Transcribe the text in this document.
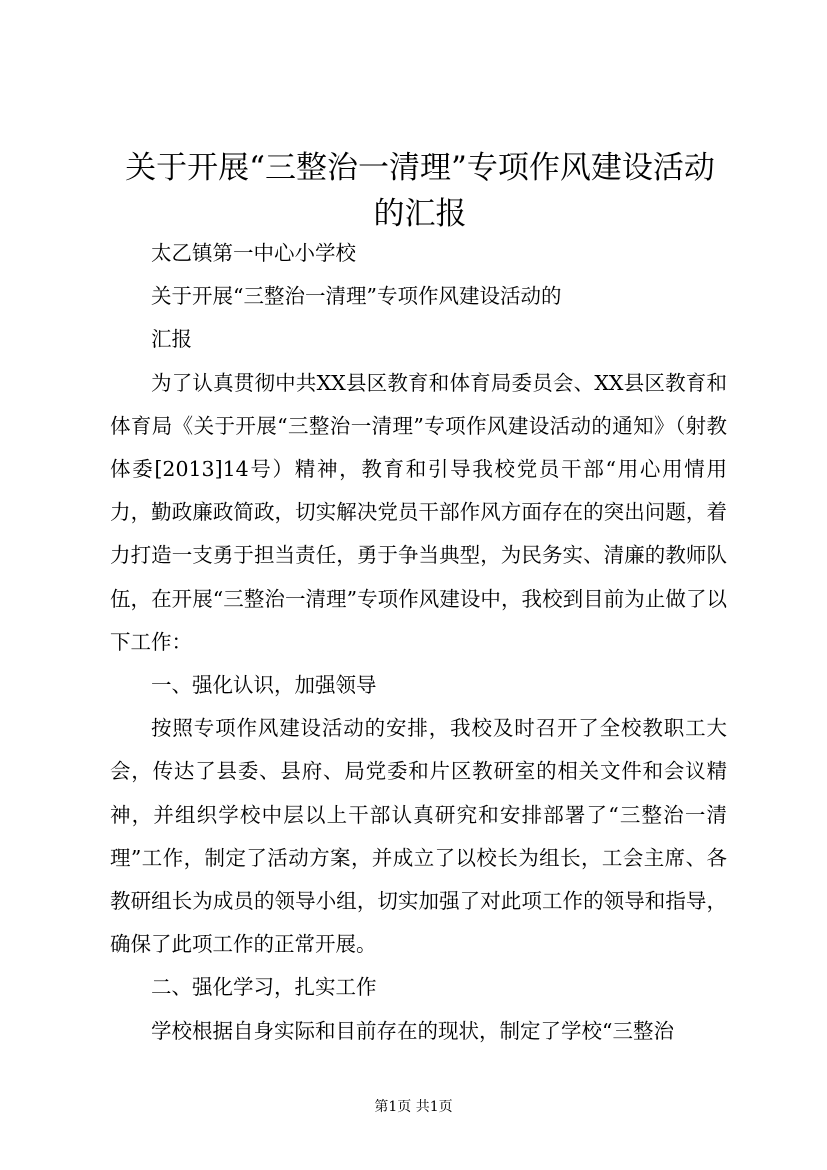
关于开展“三整治一清理”专项作风建设活动
的汇报

太乙镇第一中心小学校

关于开展“三整治一清理”专项作风建设活动的

汇报

为了认真贯彻中共XX县区教育和体育局委员会、XX县区教育和体育局《关于开展“三整治一清理”专项作风建设活动的通知》（射教体委[2013]14号）精神，教育和引导我校党员干部“用心用情用力，勤政廉政简政，切实解决党员干部作风方面存在的突出问题，着力打造一支勇于担当责任，勇于争当典型，为民务实、清廉的教师队伍，在开展“三整治一清理”专项作风建设中，我校到目前为止做了以下工作：

一、强化认识，加强领导

按照专项作风建设活动的安排，我校及时召开了全校教职工大会，传达了县委、县府、局党委和片区教研室的相关文件和会议精神，并组织学校中层以上干部认真研究和安排部署了“三整治一清理”工作，制定了活动方案，并成立了以校长为组长，工会主席、各教研组长为成员的领导小组，切实加强了对此项工作的领导和指导，确保了此项工作的正常开展。

二、强化学习，扎实工作

学校根据自身实际和目前存在的现状，制定了学校“三整治

第1页 共1页
